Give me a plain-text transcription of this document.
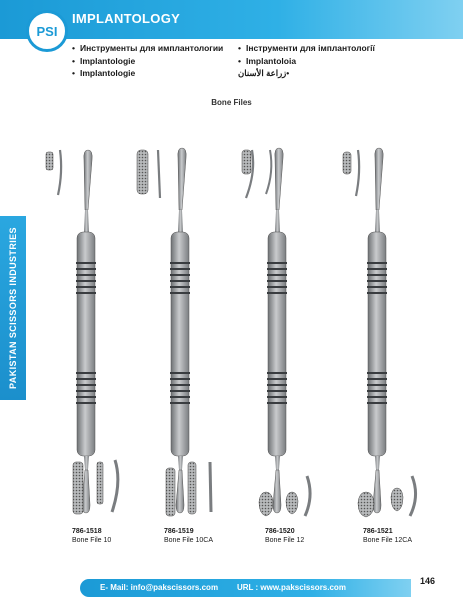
PSI
IMPLANTOLOGY
• Инструменты для имплантологии
• Implantologie
• Implantologie
• Інструменти для імплантології
• Implantoloia
• زراعة الأسنان
Bone Files
PAKISTAN SCISSORS INDUSTRIES
786-1518
Bone File 10
786-1519
Bone File 10CA
786-1520
Bone File 12
786-1521
Bone File 12CA
E- Mail: info@pakscissors.com URL : www.pakscissors.com
146
